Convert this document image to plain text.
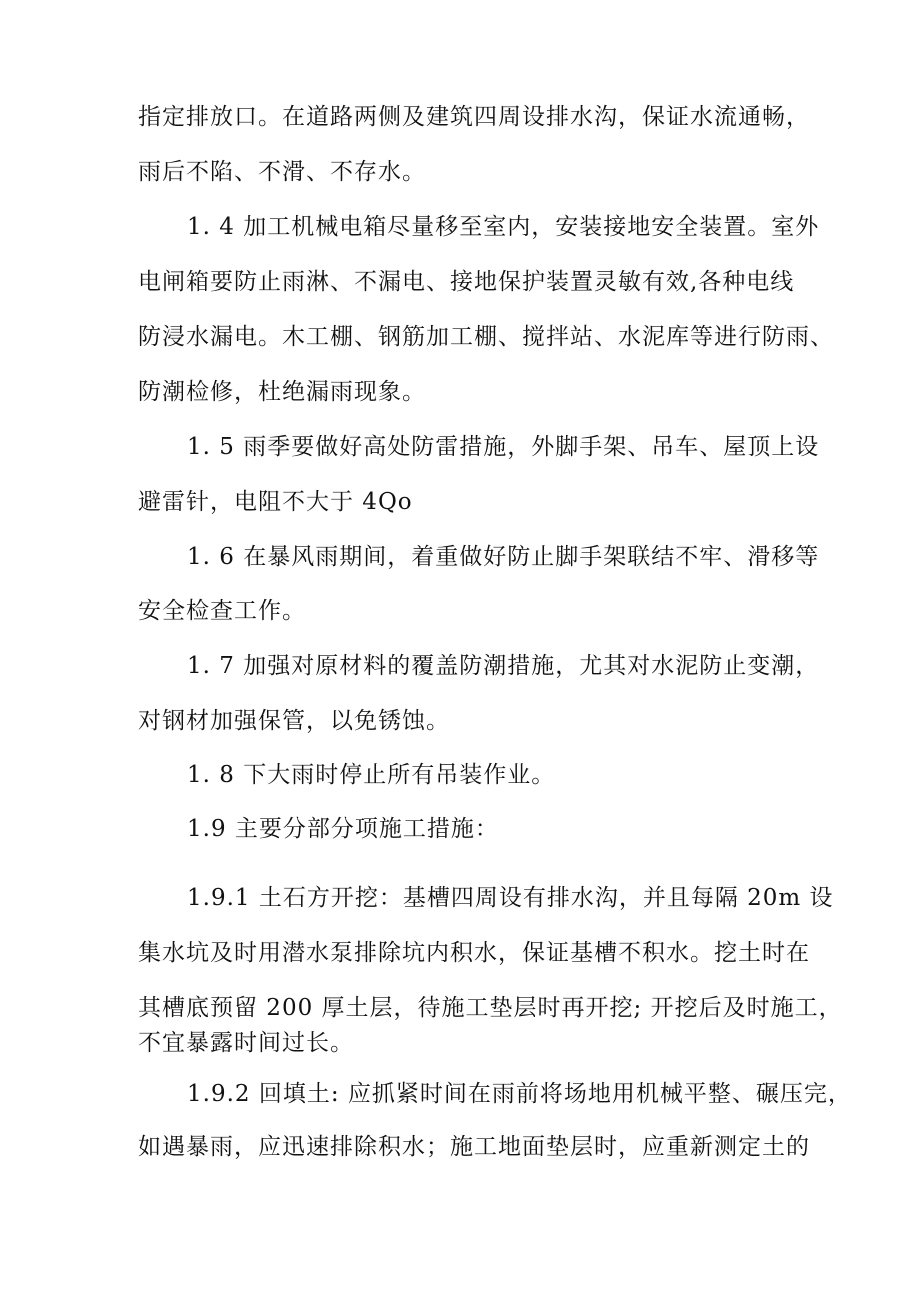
指定排放口。在道路两侧及建筑四周设排水沟，保证水流通畅，
雨后不陷、不滑、不存水。
1. 4 加工机械电箱尽量移至室内，安装接地安全装置。室外
电闸箱要防止雨淋、不漏电、接地保护装置灵敏有效,各种电线
防浸水漏电。木工棚、钢筋加工棚、搅拌站、水泥库等进行防雨、
防潮检修，杜绝漏雨现象。
1. 5 雨季要做好高处防雷措施，外脚手架、吊车、屋顶上设
避雷针，电阻不大于 4Qo
1. 6 在暴风雨期间，着重做好防止脚手架联结不牢、滑移等
安全检查工作。
1. 7 加强对原材料的覆盖防潮措施，尤其对水泥防止变潮，
对钢材加强保管，以免锈蚀。
1. 8 下大雨时停止所有吊装作业。
1.9 主要分部分项施工措施：
1.9.1 土石方开挖：基槽四周设有排水沟，并且每隔 20m 设
集水坑及时用潜水泵排除坑内积水，保证基槽不积水。挖土时在
其槽底预留 200 厚土层，待施工垫层时再开挖; 开挖后及时施工，
不宜暴露时间过长。
1.9.2 回填土: 应抓紧时间在雨前将场地用机械平整、碾压完，
如遇暴雨，应迅速排除积水；施工地面垫层时，应重新测定土的
